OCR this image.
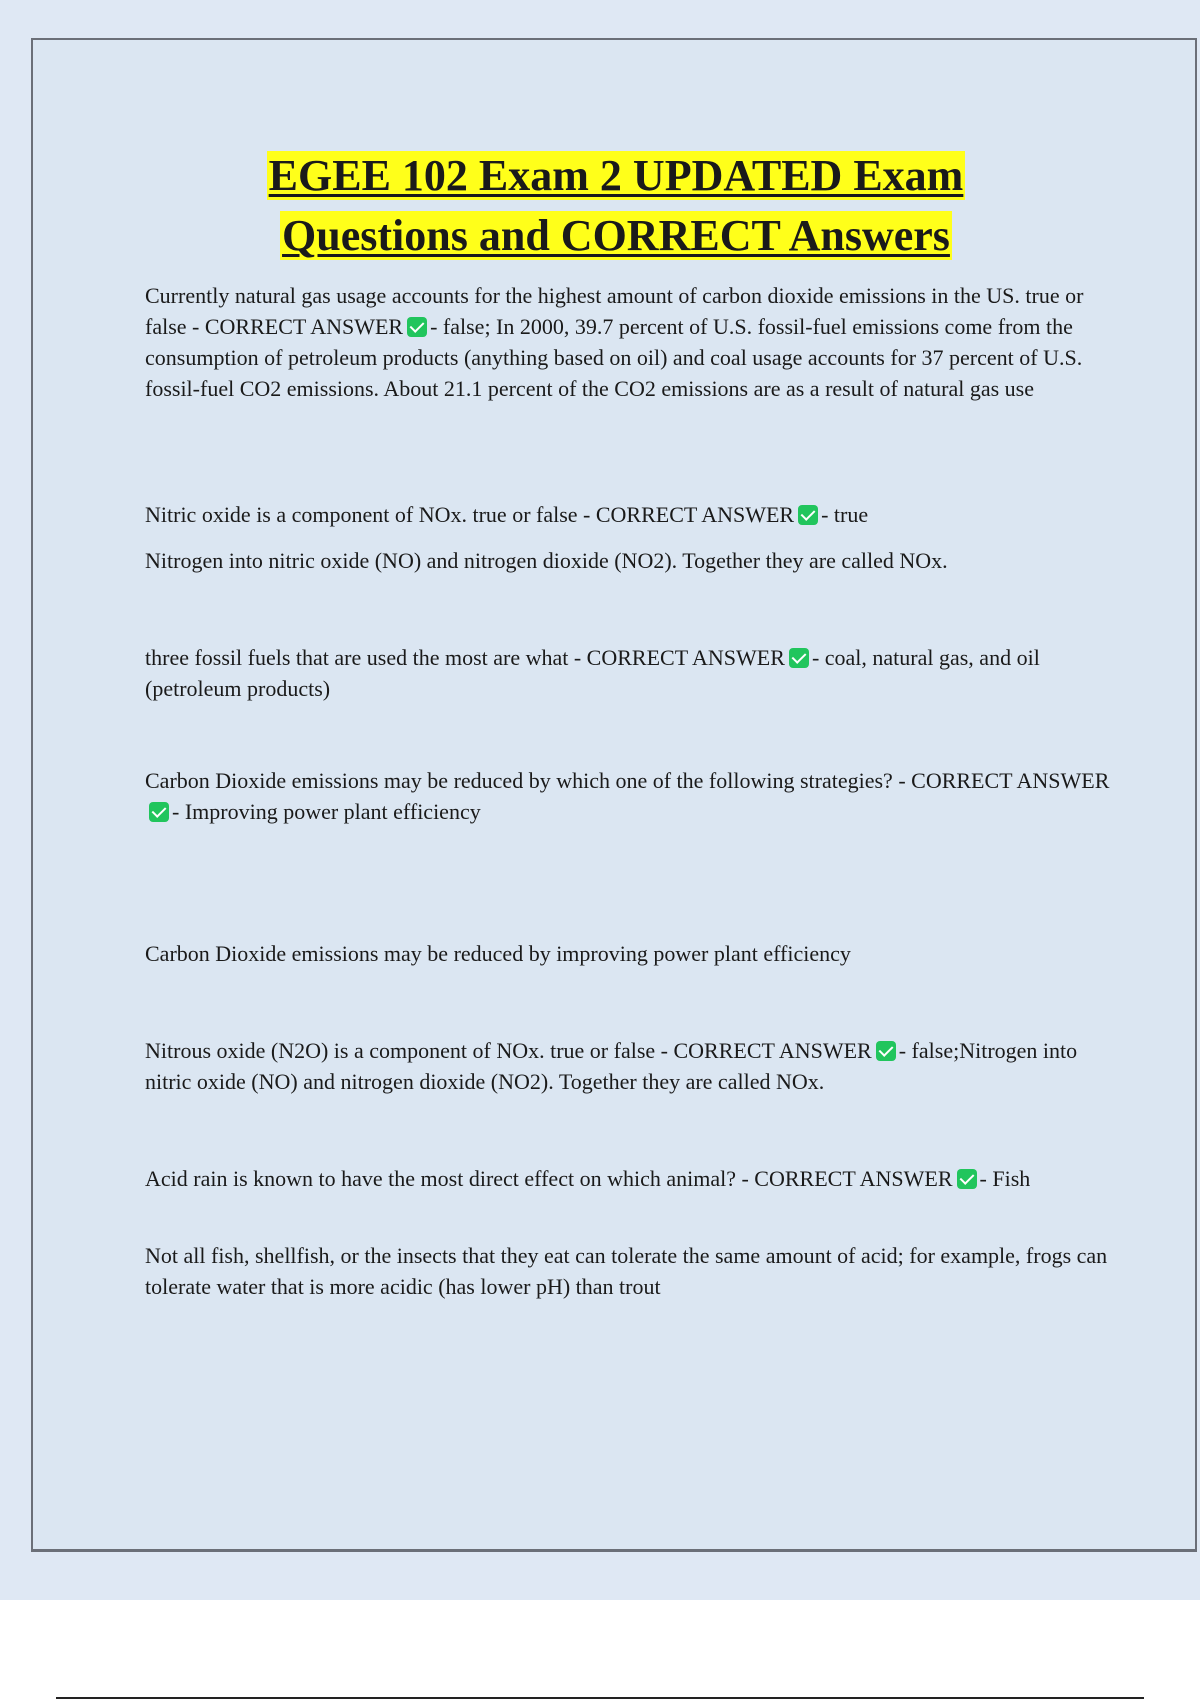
EGEE 102 Exam 2 UPDATED Exam
Questions and CORRECT Answers

Currently natural gas usage accounts for the highest amount of carbon dioxide emissions in the US. true or false - CORRECT ANSWER - false; In 2000, 39.7 percent of U.S. fossil-fuel emissions come from the consumption of petroleum products (anything based on oil) and coal usage accounts for 37 percent of U.S. fossil-fuel CO2 emissions. About 21.1 percent of the CO2 emissions are as a result of natural gas use

Nitric oxide is a component of NOx. true or false - CORRECT ANSWER - true

Nitrogen into nitric oxide (NO) and nitrogen dioxide (NO2). Together they are called NOx.

three fossil fuels that are used the most are what - CORRECT ANSWER - coal, natural gas, and oil (petroleum products)

Carbon Dioxide emissions may be reduced by which one of the following strategies? - CORRECT ANSWER- Improving power plant efficiency

Carbon Dioxide emissions may be reduced by improving power plant efficiency

Nitrous oxide (N2O) is a component of NOx. true or false - CORRECT ANSWER - false;Nitrogen into nitric oxide (NO) and nitrogen dioxide (NO2). Together they are called NOx.

Acid rain is known to have the most direct effect on which animal? - CORRECT ANSWER - Fish

Not all fish, shellfish, or the insects that they eat can tolerate the same amount of acid; for example, frogs can tolerate water that is more acidic (has lower pH) than trout
